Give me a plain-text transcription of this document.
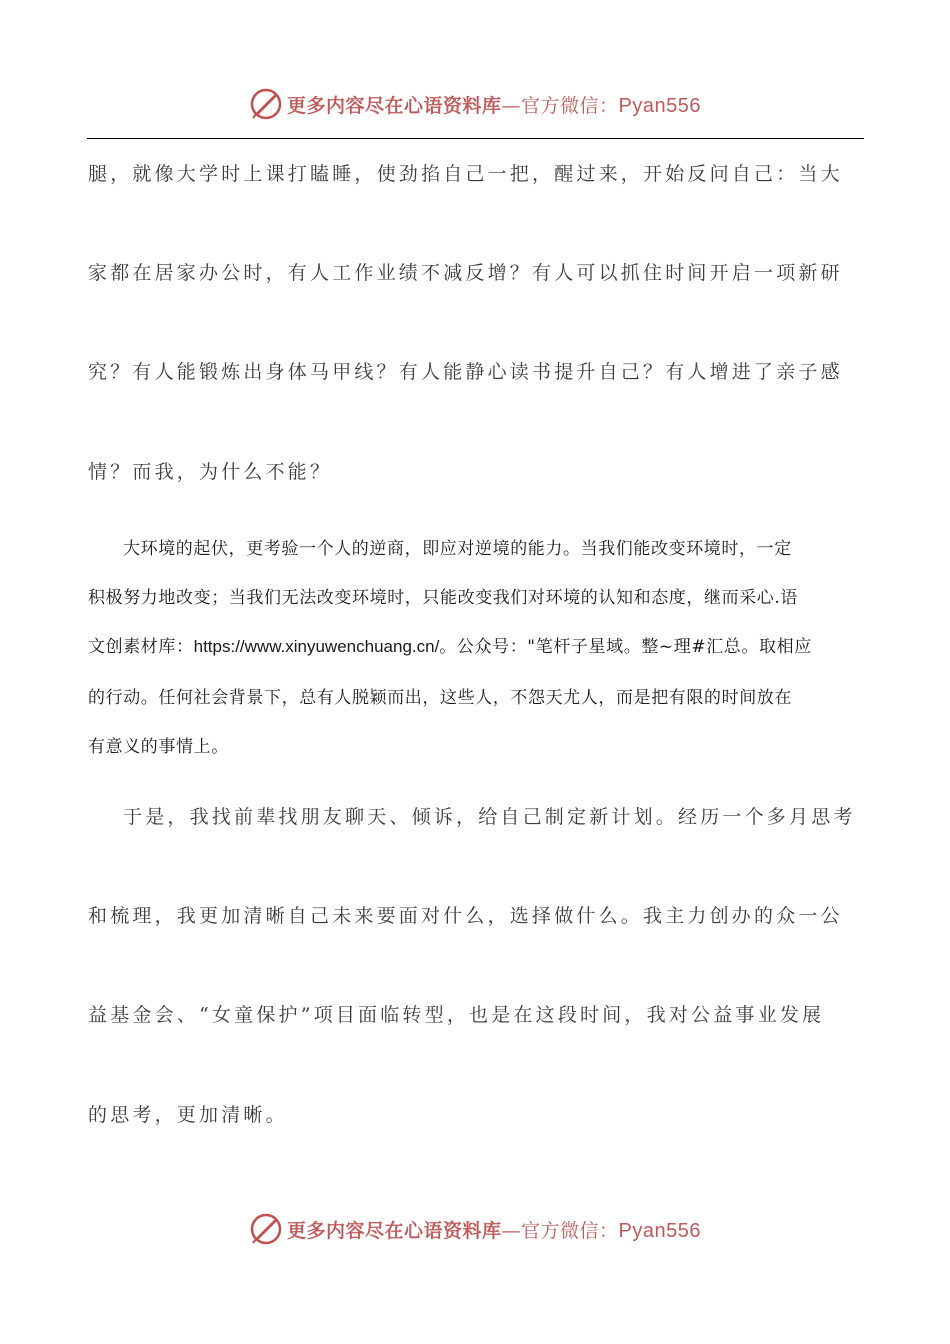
更多内容尽在心语资料库—官方微信：Pyan556
腿，就像大学时上课打瞌睡，使劲掐自己一把，醒过来，开始反问自己：当大
家都在居家办公时，有人工作业绩不减反增？有人可以抓住时间开启一项新研
究？有人能锻炼出身体马甲线？有人能静心读书提升自己？有人增进了亲子感
情？而我，为什么不能？
大环境的起伏，更考验一个人的逆商，即应对逆境的能力。当我们能改变环境时，一定
积极努力地改变；当我们无法改变环境时，只能改变我们对环境的认知和态度，继而采心.语
文创素材库：https://www.xinyuwenchuang.cn/。公众号："笔杆子星域。整~理#汇总。取相应
的行动。任何社会背景下，总有人脱颖而出，这些人，不怨天尤人，而是把有限的时间放在
有意义的事情上。
于是，我找前辈找朋友聊天、倾诉，给自己制定新计划。经历一个多月思考
和梳理，我更加清晰自己未来要面对什么，选择做什么。我主力创办的众一公
益基金会、“女童保护”项目面临转型，也是在这段时间，我对公益事业发展
的思考，更加清晰。
更多内容尽在心语资料库—官方微信：Pyan556
